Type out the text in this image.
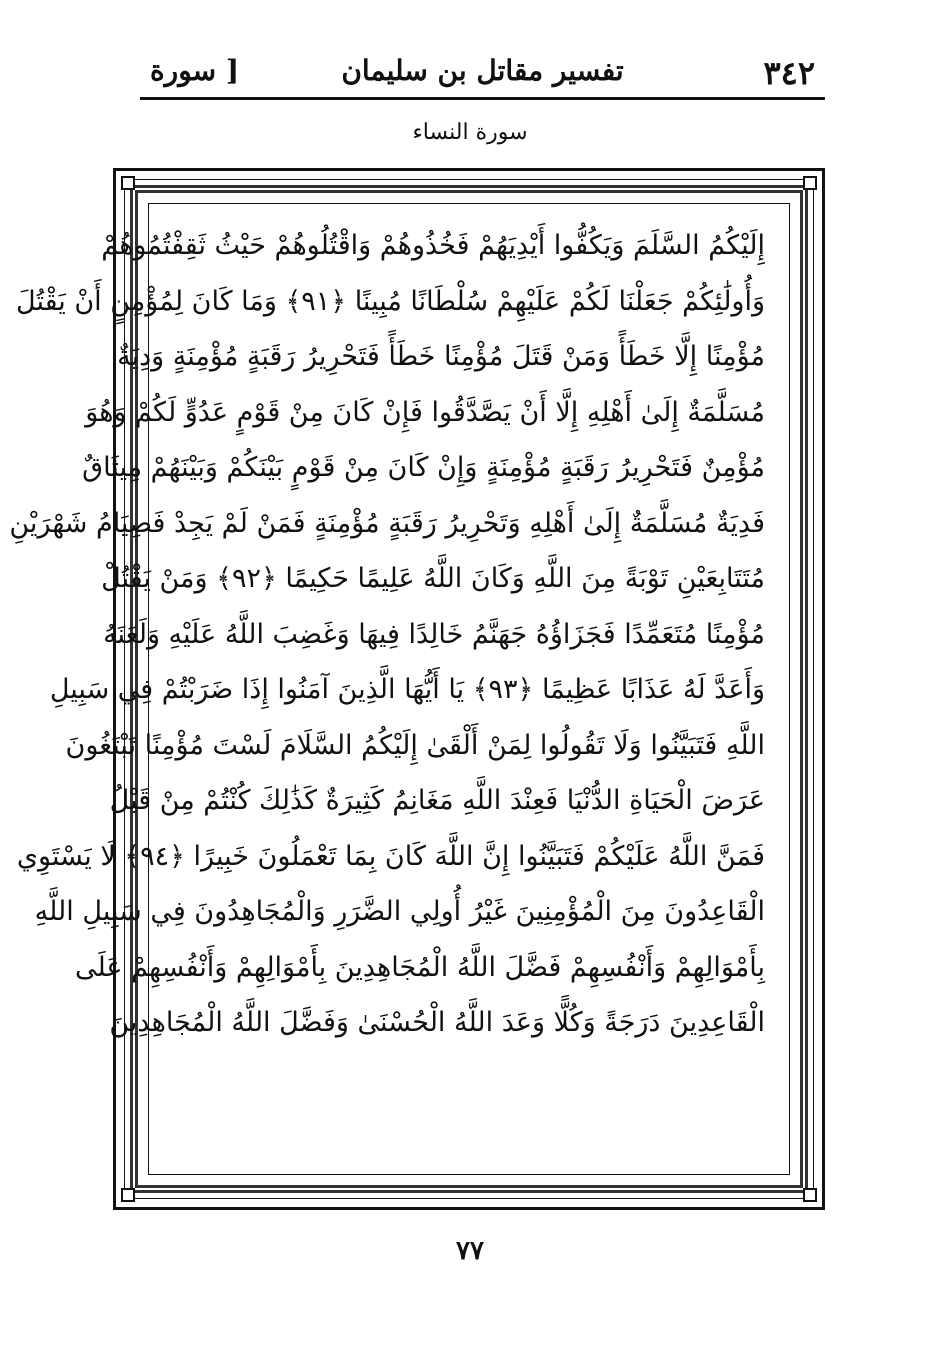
٣٤٢
تفسير مقاتل بن سليمان
[ سورة
سورة النساء
إِلَيْكُمُ السَّلَمَ وَيَكُفُّوا أَيْدِيَهُمْ فَخُذُوهُمْ وَاقْتُلُوهُمْ حَيْثُ ثَقِفْتُمُوهُمْ
وَأُولَٰئِكُمْ جَعَلْنَا لَكُمْ عَلَيْهِمْ سُلْطَانًا مُبِينًا ﴿٩١﴾ وَمَا كَانَ لِمُؤْمِنٍ أَنْ يَقْتُلَ
مُؤْمِنًا إِلَّا خَطَأً وَمَنْ قَتَلَ مُؤْمِنًا خَطَأً فَتَحْرِيرُ رَقَبَةٍ مُؤْمِنَةٍ وَدِيَةٌ
مُسَلَّمَةٌ إِلَىٰ أَهْلِهِ إِلَّا أَنْ يَصَّدَّقُوا فَإِنْ كَانَ مِنْ قَوْمٍ عَدُوٍّ لَكُمْ وَهُوَ
مُؤْمِنٌ فَتَحْرِيرُ رَقَبَةٍ مُؤْمِنَةٍ وَإِنْ كَانَ مِنْ قَوْمٍ بَيْنَكُمْ وَبَيْنَهُمْ مِيثَاقٌ
فَدِيَةٌ مُسَلَّمَةٌ إِلَىٰ أَهْلِهِ وَتَحْرِيرُ رَقَبَةٍ مُؤْمِنَةٍ فَمَنْ لَمْ يَجِدْ فَصِيَامُ شَهْرَيْنِ
مُتَتَابِعَيْنِ تَوْبَةً مِنَ اللَّهِ وَكَانَ اللَّهُ عَلِيمًا حَكِيمًا ﴿٩٢﴾ وَمَنْ يَقْتُلْ
مُؤْمِنًا مُتَعَمِّدًا فَجَزَاؤُهُ جَهَنَّمُ خَالِدًا فِيهَا وَغَضِبَ اللَّهُ عَلَيْهِ وَلَعَنَهُ
وَأَعَدَّ لَهُ عَذَابًا عَظِيمًا ﴿٩٣﴾ يَا أَيُّهَا الَّذِينَ آمَنُوا إِذَا ضَرَبْتُمْ فِي سَبِيلِ
اللَّهِ فَتَبَيَّنُوا وَلَا تَقُولُوا لِمَنْ أَلْقَىٰ إِلَيْكُمُ السَّلَامَ لَسْتَ مُؤْمِنًا تَبْتَغُونَ
عَرَضَ الْحَيَاةِ الدُّنْيَا فَعِنْدَ اللَّهِ مَغَانِمُ كَثِيرَةٌ كَذَٰلِكَ كُنْتُمْ مِنْ قَبْلُ
فَمَنَّ اللَّهُ عَلَيْكُمْ فَتَبَيَّنُوا إِنَّ اللَّهَ كَانَ بِمَا تَعْمَلُونَ خَبِيرًا ﴿٩٤﴾ لَا يَسْتَوِي
الْقَاعِدُونَ مِنَ الْمُؤْمِنِينَ غَيْرُ أُولِي الضَّرَرِ وَالْمُجَاهِدُونَ فِي سَبِيلِ اللَّهِ
بِأَمْوَالِهِمْ وَأَنْفُسِهِمْ فَضَّلَ اللَّهُ الْمُجَاهِدِينَ بِأَمْوَالِهِمْ وَأَنْفُسِهِمْ عَلَى
الْقَاعِدِينَ دَرَجَةً وَكُلًّا وَعَدَ اللَّهُ الْحُسْنَىٰ وَفَضَّلَ اللَّهُ الْمُجَاهِدِينَ
٧٧
